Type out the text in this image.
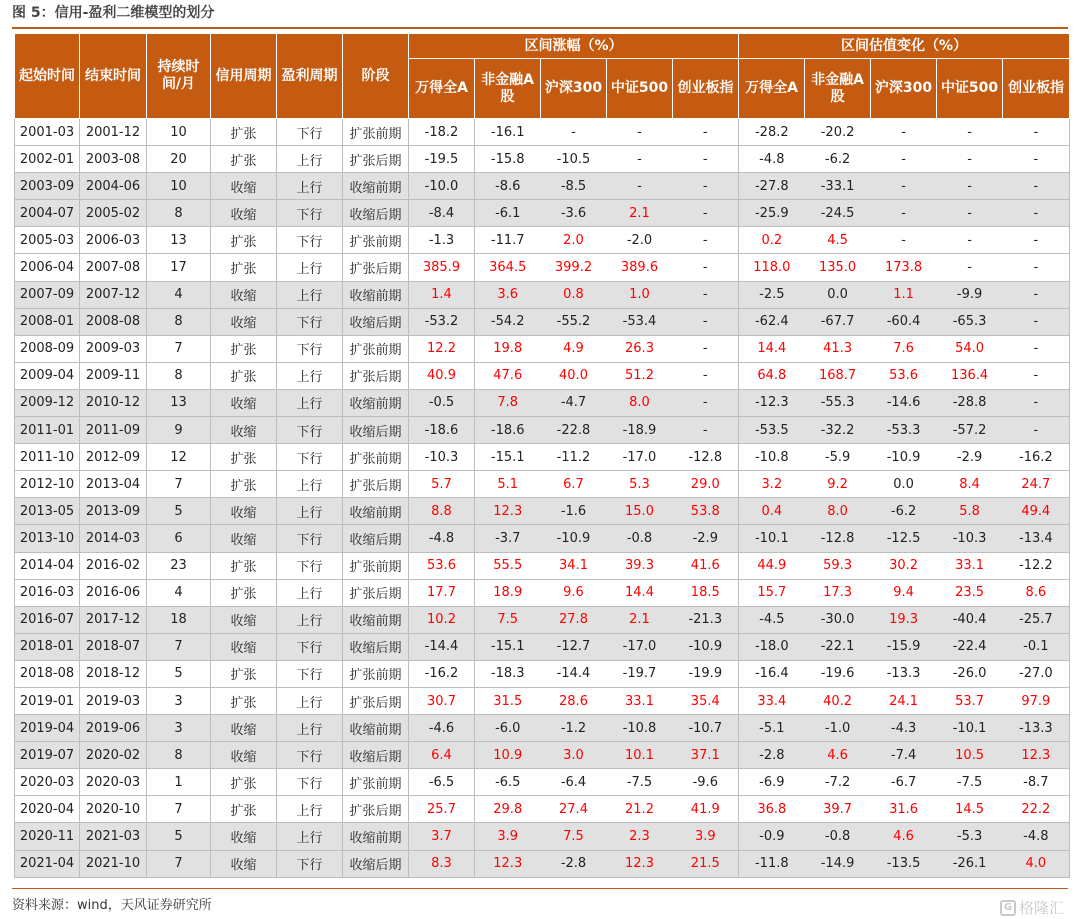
图 5：信用-盈利二维模型的划分
起始时间	结束时间	持续时间/月	信用周期	盈利周期	阶段	区间涨幅（%）					区间估值变化（%）				
						万得全A	非金融A股	沪深300	中证500	创业板指	万得全A	非金融A股	沪深300	中证500	创业板指
2001-03	2001-12	10	扩张	下行	扩张前期	-18.2	-16.1	-	-	-	-28.2	-20.2	-	-	-
2002-01	2003-08	20	扩张	上行	扩张后期	-19.5	-15.8	-10.5	-	-	-4.8	-6.2	-	-	-
2003-09	2004-06	10	收缩	上行	收缩前期	-10.0	-8.6	-8.5	-	-	-27.8	-33.1	-	-	-
2004-07	2005-02	8	收缩	下行	收缩后期	-8.4	-6.1	-3.6	2.1	-	-25.9	-24.5	-	-	-
2005-03	2006-03	13	扩张	下行	扩张前期	-1.3	-11.7	2.0	-2.0	-	0.2	4.5	-	-	-
2006-04	2007-08	17	扩张	上行	扩张后期	385.9	364.5	399.2	389.6	-	118.0	135.0	173.8	-	-
2007-09	2007-12	4	收缩	上行	收缩前期	1.4	3.6	0.8	1.0	-	-2.5	0.0	1.1	-9.9	-
2008-01	2008-08	8	收缩	下行	收缩后期	-53.2	-54.2	-55.2	-53.4	-	-62.4	-67.7	-60.4	-65.3	-
2008-09	2009-03	7	扩张	下行	扩张前期	12.2	19.8	4.9	26.3	-	14.4	41.3	7.6	54.0	-
2009-04	2009-11	8	扩张	上行	扩张后期	40.9	47.6	40.0	51.2	-	64.8	168.7	53.6	136.4	-
2009-12	2010-12	13	收缩	上行	收缩前期	-0.5	7.8	-4.7	8.0	-	-12.3	-55.3	-14.6	-28.8	-
2011-01	2011-09	9	收缩	下行	收缩后期	-18.6	-18.6	-22.8	-18.9	-	-53.5	-32.2	-53.3	-57.2	-
2011-10	2012-09	12	扩张	下行	扩张前期	-10.3	-15.1	-11.2	-17.0	-12.8	-10.8	-5.9	-10.9	-2.9	-16.2
2012-10	2013-04	7	扩张	上行	扩张后期	5.7	5.1	6.7	5.3	29.0	3.2	9.2	0.0	8.4	24.7
2013-05	2013-09	5	收缩	上行	收缩前期	8.8	12.3	-1.6	15.0	53.8	0.4	8.0	-6.2	5.8	49.4
2013-10	2014-03	6	收缩	下行	收缩后期	-4.8	-3.7	-10.9	-0.8	-2.9	-10.1	-12.8	-12.5	-10.3	-13.4
2014-04	2016-02	23	扩张	下行	扩张前期	53.6	55.5	34.1	39.3	41.6	44.9	59.3	30.2	33.1	-12.2
2016-03	2016-06	4	扩张	上行	扩张后期	17.7	18.9	9.6	14.4	18.5	15.7	17.3	9.4	23.5	8.6
2016-07	2017-12	18	收缩	上行	收缩前期	10.2	7.5	27.8	2.1	-21.3	-4.5	-30.0	19.3	-40.4	-25.7
2018-01	2018-07	7	收缩	下行	收缩后期	-14.4	-15.1	-12.7	-17.0	-10.9	-18.0	-22.1	-15.9	-22.4	-0.1
2018-08	2018-12	5	扩张	下行	扩张前期	-16.2	-18.3	-14.4	-19.7	-19.9	-16.4	-19.6	-13.3	-26.0	-27.0
2019-01	2019-03	3	扩张	上行	扩张后期	30.7	31.5	28.6	33.1	35.4	33.4	40.2	24.1	53.7	97.9
2019-04	2019-06	3	收缩	上行	收缩前期	-4.6	-6.0	-1.2	-10.8	-10.7	-5.1	-1.0	-4.3	-10.1	-13.3
2019-07	2020-02	8	收缩	下行	收缩后期	6.4	10.9	3.0	10.1	37.1	-2.8	4.6	-7.4	10.5	12.3
2020-03	2020-03	1	扩张	下行	扩张前期	-6.5	-6.5	-6.4	-7.5	-9.6	-6.9	-7.2	-6.7	-7.5	-8.7
2020-04	2020-10	7	扩张	上行	扩张后期	25.7	29.8	27.4	21.2	41.9	36.8	39.7	31.6	14.5	22.2
2020-11	2021-03	5	收缩	上行	收缩前期	3.7	3.9	7.5	2.3	3.9	-0.9	-0.8	4.6	-5.3	-4.8
2021-04	2021-10	7	收缩	下行	收缩后期	8.3	12.3	-2.8	12.3	21.5	-11.8	-14.9	-13.5	-26.1	4.0
资料来源：wind，天风证券研究所	G 格隆汇
